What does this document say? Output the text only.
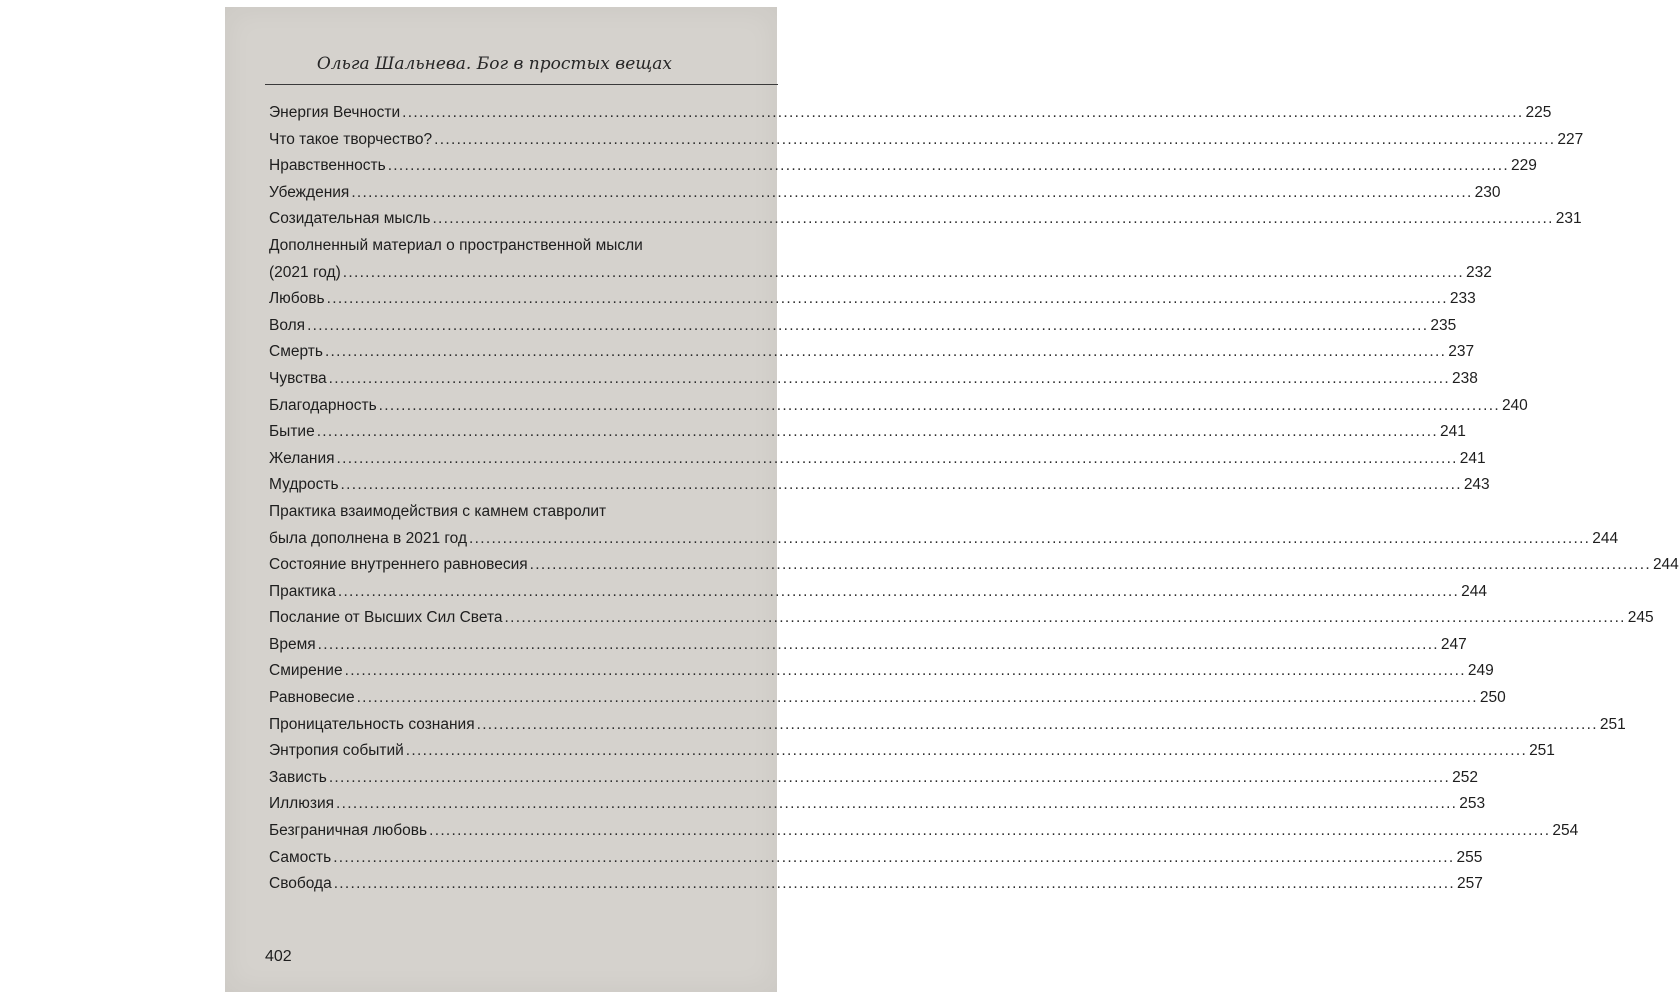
Ольга Шальнева. Бог в простых вещах
Энергия Вечности ........................................................................................................................................................................................................ 225
Что такое творчество? ........................................................................................................................................................................................................ 227
Нравственность ........................................................................................................................................................................................................ 229
Убеждения ........................................................................................................................................................................................................ 230
Созидательная мысль ........................................................................................................................................................................................................ 231
Дополненный материал о пространственной мысли
(2021 год) ........................................................................................................................................................................................................ 232
Любовь ........................................................................................................................................................................................................ 233
Воля ........................................................................................................................................................................................................ 235
Смерть ........................................................................................................................................................................................................ 237
Чувства ........................................................................................................................................................................................................ 238
Благодарность ........................................................................................................................................................................................................ 240
Бытие ........................................................................................................................................................................................................ 241
Желания ........................................................................................................................................................................................................ 241
Мудрость ........................................................................................................................................................................................................ 243
Практика взаимодействия с камнем ставролит
была дополнена в 2021 год ........................................................................................................................................................................................................ 244
Состояние внутреннего равновесия ........................................................................................................................................................................................................ 244
Практика ........................................................................................................................................................................................................ 244
Послание от Высших Сил Света ........................................................................................................................................................................................................ 245
Время ........................................................................................................................................................................................................ 247
Смирение ........................................................................................................................................................................................................ 249
Равновесие ........................................................................................................................................................................................................ 250
Проницательность сознания ........................................................................................................................................................................................................ 251
Энтропия событий ........................................................................................................................................................................................................ 251
Зависть ........................................................................................................................................................................................................ 252
Иллюзия ........................................................................................................................................................................................................ 253
Безграничная любовь ........................................................................................................................................................................................................ 254
Самость ........................................................................................................................................................................................................ 255
Свобода ........................................................................................................................................................................................................ 257
402
